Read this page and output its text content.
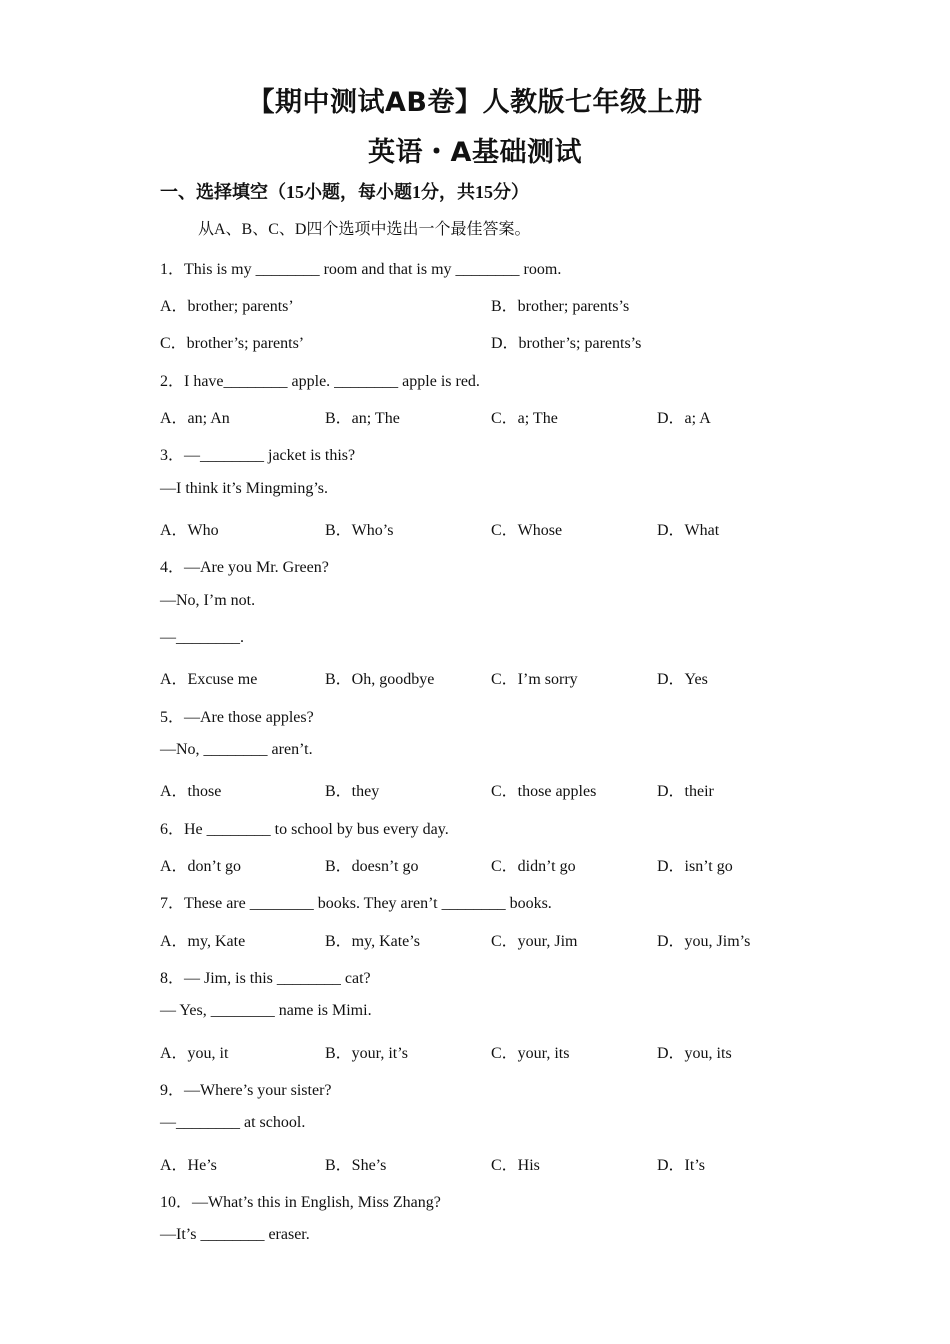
【期中测试AB卷】人教版七年级上册
英语・A基础测试
一、选择填空（15小题，每小题1分，共15分）
从A、B、C、D四个选项中选出一个最佳答案。
1．This is my ________ room and that is my ________ room.
A．brother; parents’	B．brother; parents’s
C．brother’s; parents’	D．brother’s; parents’s
2．I have________ apple. ________ apple is red.
A．an; An	B．an; The	C．a; The	D．a; A
3．—________ jacket is this?
—I think it’s Mingming’s.
A．Who	B．Who’s	C．Whose	D．What
4．—Are you Mr. Green?
—No, I’m not.
—________.
A．Excuse me	B．Oh, goodbye	C．I’m sorry	D．Yes
5．—Are those apples?
—No, ________ aren’t.
A．those	B．they	C．those apples	D．their
6．He ________ to school by bus every day.
A．don’t go	B．doesn’t go	C．didn’t go	D．isn’t go
7．These are ________ books. They aren’t ________ books.
A．my, Kate	B．my, Kate’s	C．your, Jim	D．you, Jim’s
8．— Jim, is this ________ cat?
— Yes, ________ name is Mimi.
A．you, it	B．your, it’s	C．your, its	D．you, its
9．—Where’s your sister?
—________ at school.
A．He’s	B．She’s	C．His	D．It’s
10．—What’s this in English, Miss Zhang?
—It’s ________ eraser.
